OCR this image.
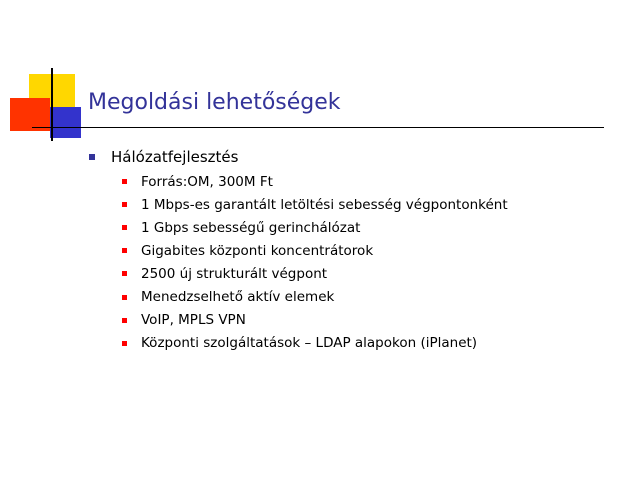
Megoldási lehetőségek
Hálózatfejlesztés
Forrás:OM, 300M Ft
1 Mbps-es garantált letöltési sebesség végpontonként
1 Gbps sebességű gerinchálózat
Gigabites központi koncentrátorok
2500 új strukturált végpont
Menedzselhető aktív elemek
VoIP, MPLS VPN
Központi szolgáltatások – LDAP alapokon (iPlanet)
